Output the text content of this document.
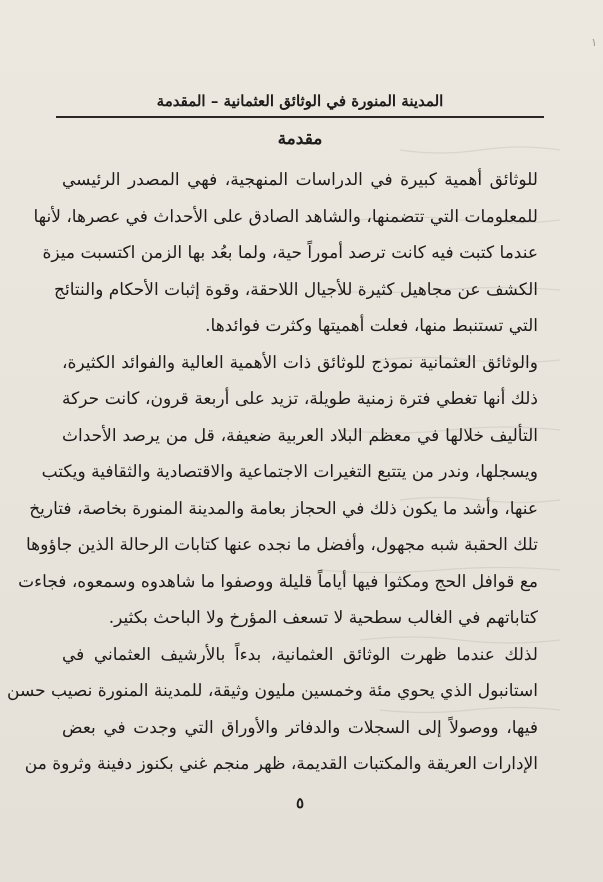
١
المدينة المنورة في الوثائق العثمانية – المقدمة
مقدمة

للوثائق أهمية كبيرة في الدراسات المنهجية، فهي المصدر الرئيسي
للمعلومات التي تتضمنها، والشاهد الصادق على الأحداث في عصرها، لأنها
عندما كتبت فيه كانت ترصد أموراً حية، ولما بعُد بها الزمن اكتسبت ميزة
الكشف عن مجاهيل كثيرة للأجيال اللاحقة، وقوة إثبات الأحكام والنتائج
التي تستنبط منها، فعلت أهميتها وكثرت فوائدها.

والوثائق العثمانية نموذج للوثائق ذات الأهمية العالية والفوائد الكثيرة،
ذلك أنها تغطي فترة زمنية طويلة، تزيد على أربعة قرون، كانت حركة
التأليف خلالها في معظم البلاد العربية ضعيفة، قل من يرصد الأحداث
ويسجلها، وندر من يتتبع التغيرات الاجتماعية والاقتصادية والثقافية ويكتب
عنها، وأشد ما يكون ذلك في الحجاز بعامة والمدينة المنورة بخاصة، فتاريخ
تلك الحقبة شبه مجهول، وأفضل ما نجده عنها كتابات الرحالة الذين جاؤوها
مع قوافل الحج ومكثوا فيها أياماً قليلة ووصفوا ما شاهدوه وسمعوه، فجاءت
كتاباتهم في الغالب سطحية لا تسعف المؤرخ ولا الباحث بكثير.

لذلك عندما ظهرت الوثائق العثمانية، بدءاً بالأرشيف العثماني في
استانبول الذي يحوي مئة وخمسين مليون وثيقة، للمدينة المنورة نصيب حسن
فيها، ووصولاً إلى السجلات والدفاتر والأوراق التي وجدت في بعض
الإدارات العريقة والمكتبات القديمة، ظهر منجم غني بكنوز دفينة وثروة من

٥
